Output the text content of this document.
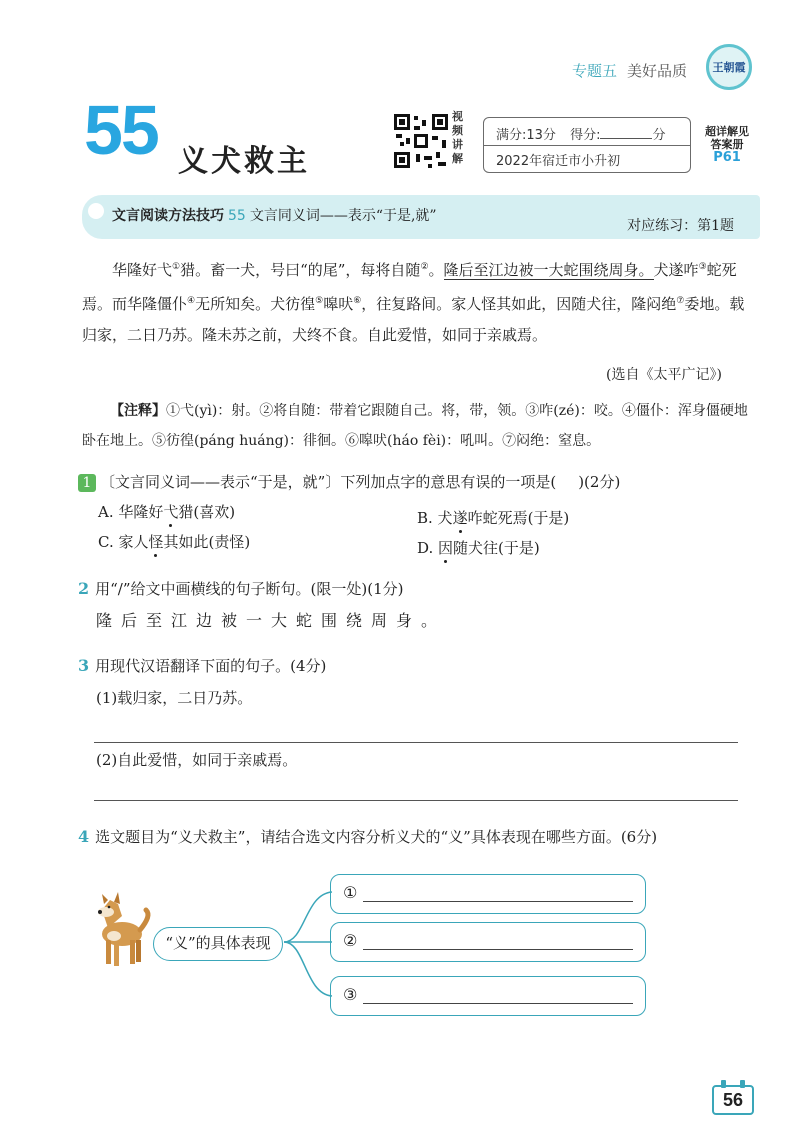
专题五 美好品质	王朝霞
55 义犬救主
视频讲解
满分:13分 得分:	分
2022年宿迁市小升初
超详解见
答案册
P61
文言阅读方法技巧 55 文言同义词——表示“于是,就”
对应练习：第1题

华隆好弋①猎。畜一犬，号曰“的尾”，每将自随②。隆后至江边被一大蛇围绕周身。犬遂咋③蛇死焉。而华隆僵仆④无所知矣。犬彷徨⑤嗥吠⑥，往复路间。家人怪其如此，因随犬往，隆闷绝⑦委地。载归家，二日乃苏。隆未苏之前，犬终不食。自此爱惜，如同于亲戚焉。

(选自《太平广记》)
【注释】①弋(yì)：射。②将自随：带着它跟随自己。将，带，领。③咋(zé)：咬。④僵仆：浑身僵硬地卧在地上。⑤彷徨(páng huáng)：徘徊。⑥嗥吠(háo fèi)：吼叫。⑦闷绝：窒息。
1 〔文言同义词——表示“于是，就”〕下列加点字的意思有误的一项是( )(2分)
A. 华隆好弋猎(喜欢)	B. 犬遂咋蛇死焉(于是)
C. 家人怪其如此(责怪)	D. 因随犬往(于是)
2 用“/”给文中画横线的句子断句。(限一处)(1分)
隆后至江边被一大蛇围绕周身。
3 用现代汉语翻译下面的句子。(4分)
(1)载归家，二日乃苏。
(2)自此爱惜，如同于亲戚焉。
4 选文题目为“义犬救主”，请结合选文内容分析义犬的“义”具体表现在哪些方面。(6分)
“义”的具体表现
①
②
③
56
